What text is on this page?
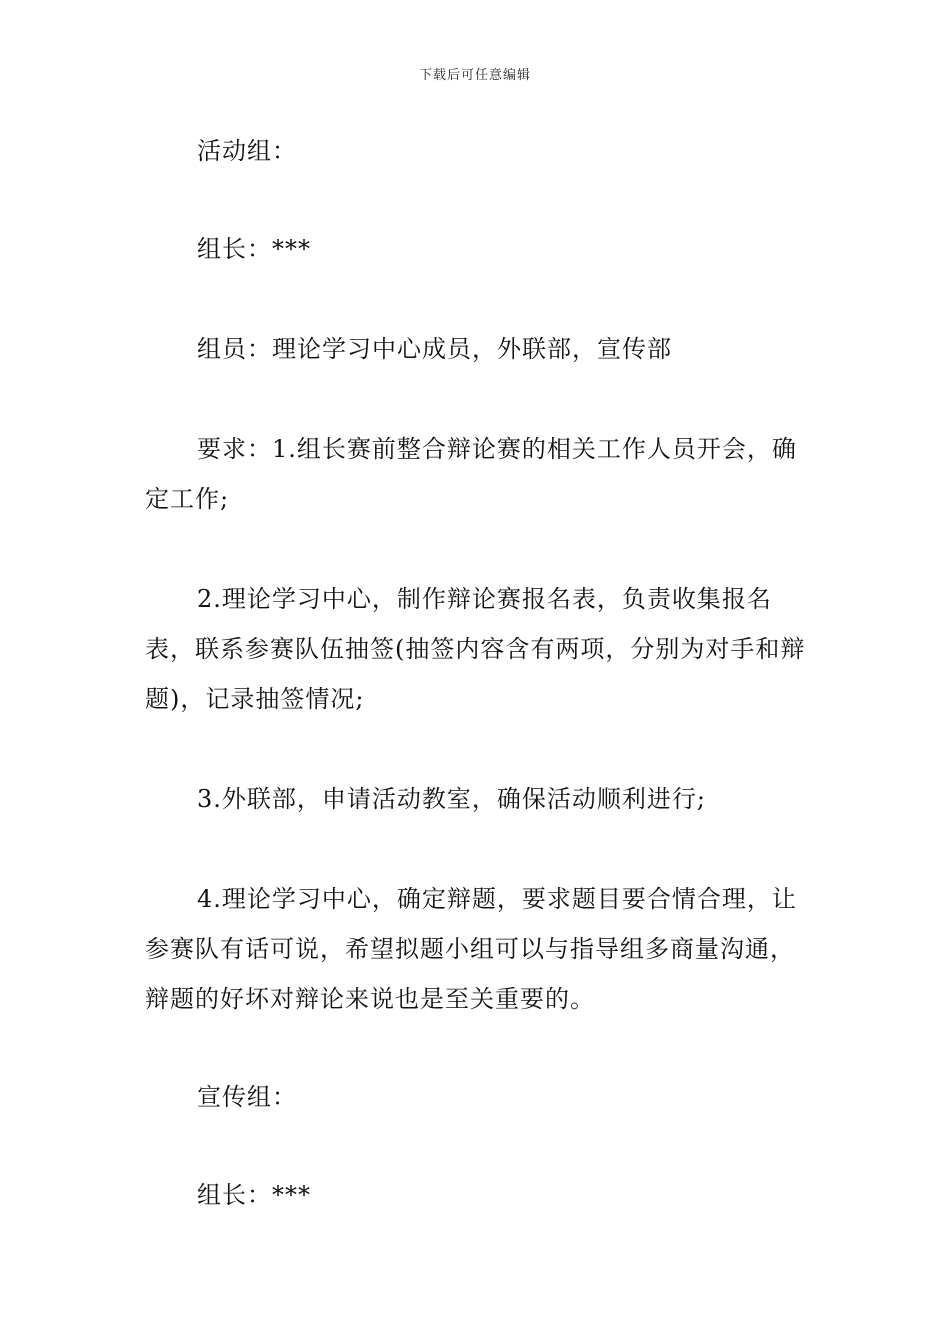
下载后可任意编辑

活动组：

组长：***

组员：理论学习中心成员，外联部，宣传部

要求：1.组长赛前整合辩论赛的相关工作人员开会，确定工作;

2.理论学习中心，制作辩论赛报名表，负责收集报名表，联系参赛队伍抽签(抽签内容含有两项，分别为对手和辩题)，记录抽签情况;

3.外联部，申请活动教室，确保活动顺利进行;

4.理论学习中心，确定辩题，要求题目要合情合理，让参赛队有话可说，希望拟题小组可以与指导组多商量沟通，辩题的好坏对辩论来说也是至关重要的。

宣传组：

组长：***
